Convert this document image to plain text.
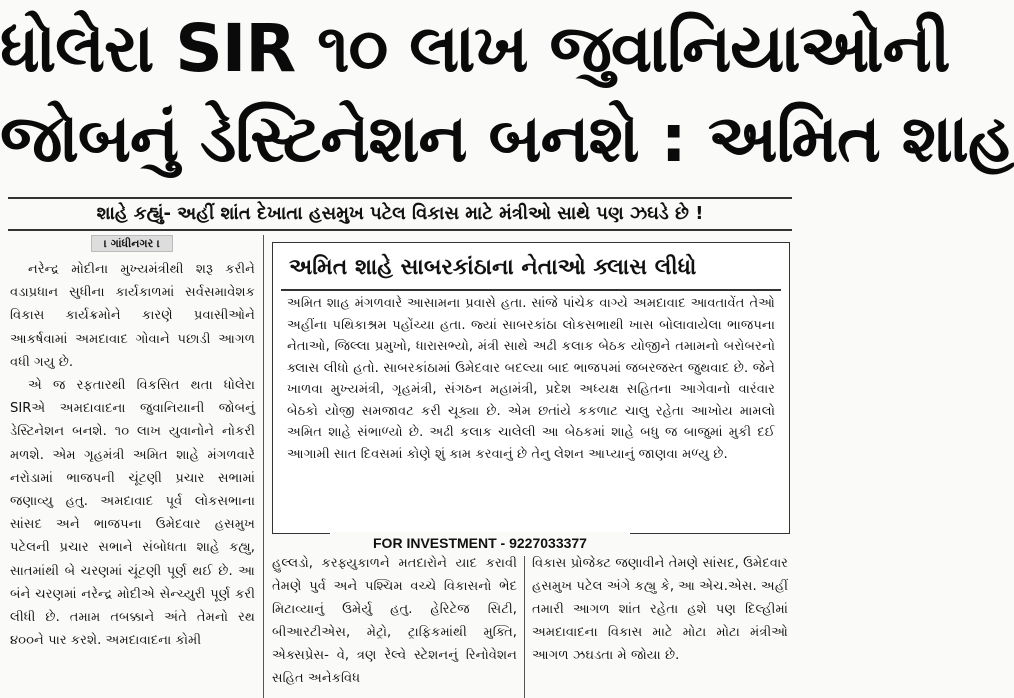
ધોલેરા SIR ૧૦ લાખ જુવાનિયાઓની
જોબનું ડેસ્ટિનેશન બનશે : અમિત શાહ
શાહે કહ્યું- અહીં શાંત દેખાતા હસમુખ પટેલ વિકાસ માટે મંત્રીઓ સાથે પણ ઝઘડે છે !
। ગાંધીનગર ।

નરેન્દ્ર મોદીના મુખ્યમંત્રીથી શરૂ કરીને વડાપ્રધાન સુધીના કાર્યકાળમાં સર્વસમાવેશક વિકાસ કાર્યક્રમોને કારણે પ્રવાસીઓને આકર્ષવામાં અમદાવાદ ગોવાને પછાડી આગળ વધી ગયુ છે.

એ જ રફતારથી વિકસિત થતા ધોલેરા SIRએ અમદાવાદના જુવાનિયાની જોબનું ડેસ્ટિનેશન બનશે. ૧૦ લાખ યુવાનોને નોકરી મળશે. એમ ગૃહમંત્રી અમિત શાહે મંગળવારે નરોડામાં ભાજપની ચૂંટણી પ્રચાર સભામાં જણાવ્યુ હતુ. અમદાવાદ પૂર્વ લોકસભાના સાંસદ અને ભાજપના ઉમેદવાર હસમુખ પટેલની પ્રચાર સભાને સંબોધતા શાહે કહ્યુ, સાતમાંથી બે ચરણમાં ચૂંટણી પૂર્ણ થઈ છે. આ બંને ચરણમાં નરેન્દ્ર મોદીએ સેન્ચ્યુરી પૂર્ણ કરી લીધી છે. તમામ તબક્કાને અંતે તેમનો રથ ૪૦૦ને પાર કરશે. અમદાવાદના કોમી

અમિત શાહે સાબરકાંઠાના નેતાઓ ક્લાસ લીધો

અમિત શાહ મંગળવારે આસામના પ્રવાસે હતા. સાંજે પાંચેક વાગ્યે અમદાવાદ આવતાવેંત તેઓ અહીંના પથિકાશ્રમ પહોંચ્યા હતા. જ્યાં સાબરકાંઠા લોકસભાથી ખાસ બોલાવાયેલા ભાજપના નેતાઓ, જિલ્લા પ્રમુખો, ધારાસભ્યો, મંત્રી સાથે અઢી કલાક બેઠક યોજીને તમામનો બરોબરનો ક્લાસ લીધો હતો. સાબરકાંઠામાં ઉમેદવાર બદલ્યા બાદ ભાજપમાં જબરજસ્ત જુથવાદ છે. જેને ખાળવા મુખ્યમંત્રી, ગૃહમંત્રી, સંગઠન મહામંત્રી, પ્રદેશ અધ્યક્ષ સહિતના આગેવાનો વારંવાર બેઠકો યોજી સમજાવટ કરી ચૂક્યા છે. એમ છતાંયે કકળાટ ચાલુ રહેતા આખોય મામલો અમિત શાહે સંભાળ્યો છે. અઢી કલાક ચાલેલી આ બેઠકમાં શાહે બધુ જ બાજુમાં મુકી દઈ આગામી સાત દિવસમાં કોણે શું કામ કરવાનું છે તેનુ લેશન આપ્યાનું જાણવા મળ્યુ છે.

FOR INVESTMENT - 9227033377

હુલ્લડો, કરફ્યુકાળને મતદારોને યાદ કરાવી તેમણે પુર્વ અને પશ્ચિમ વચ્ચે વિકાસનો ભેદ મિટાવ્યાનું ઉમેર્યુ હતુ. હેરિટેજ સિટી, બીઆરટીએસ, મેટ્રો, ટ્રાફિકમાંથી મુક્તિ, એક્સપ્રેસ- વે, ત્રણ રેલ્વે સ્ટેશનનું રિનોવેશન સહિત અનેકવિધ

વિકાસ પ્રોજેક્ટ જણાવીને તેમણે સાંસદ, ઉમેદવાર હસમુખ પટેલ અંગે કહ્યુ કે, આ એચ.એસ. અહીં તમારી આગળ શાંત રહેતા હશે પણ દિલ્હીમાં અમદાવાદના વિકાસ માટે મોટા મોટા મંત્રીઓ આગળ ઝઘડતા મે જોયા છે.
